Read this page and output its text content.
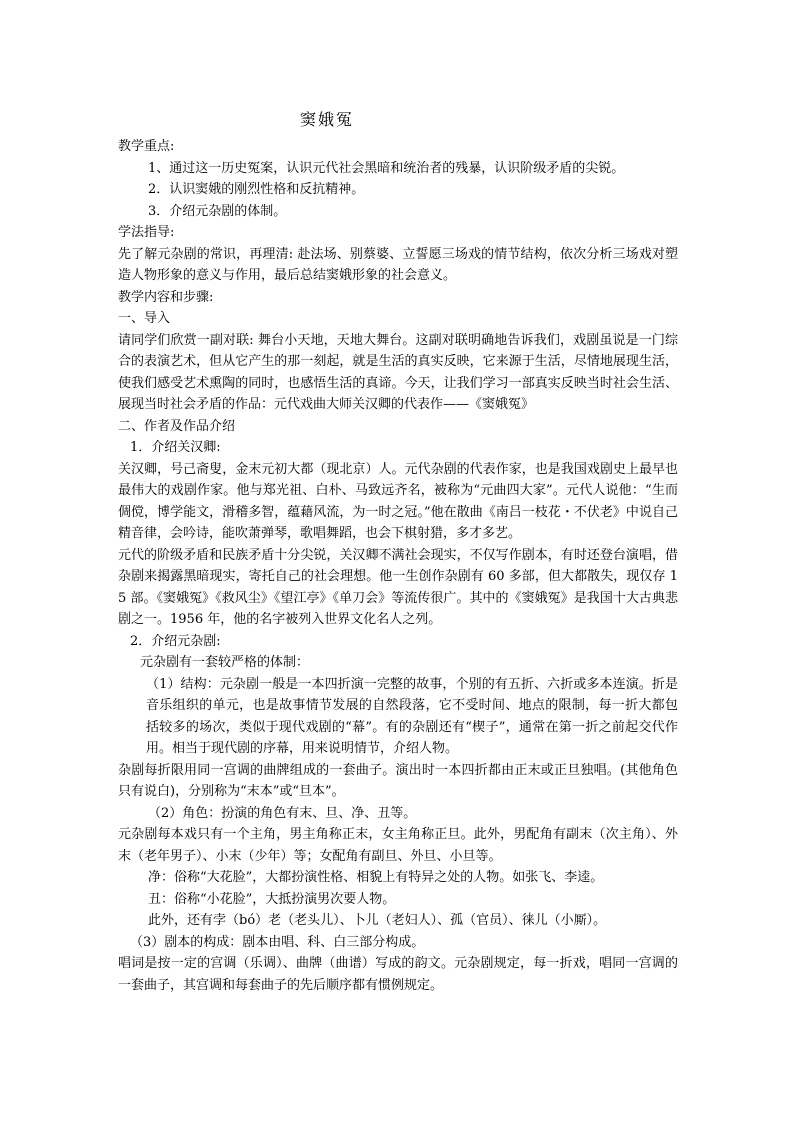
窦娥冤

教学重点:

1、通过这一历史冤案，认识元代社会黑暗和统治者的残暴，认识阶级矛盾的尖锐。

2．认识窦娥的刚烈性格和反抗精神。

3．介绍元杂剧的体制。

学法指导:

先了解元杂剧的常识，再理清: 赴法场、别蔡婆、立誓愿三场戏的情节结构，依次分析三场戏对塑造人物形象的意义与作用，最后总结窦娥形象的社会意义。

教学内容和步骤:

一、导入

请同学们欣赏一副对联: 舞台小天地，天地大舞台。这副对联明确地告诉我们，戏剧虽说是一门综合的表演艺术，但从它产生的那一刻起，就是生活的真实反映，它来源于生活，尽情地展现生活，使我们感受艺术熏陶的同时，也感悟生活的真谛。今天，让我们学习一部真实反映当时社会生活、展现当时社会矛盾的作品：元代戏曲大师关汉卿的代表作——《窦娥冤》

二、作者及作品介绍

1．介绍关汉卿:

关汉卿，号己斋叟，金末元初大都（现北京）人。元代杂剧的代表作家，也是我国戏剧史上最早也最伟大的戏剧作家。他与郑光祖、白朴、马致远齐名，被称为“元曲四大家”。元代人说他：“生而倜傥，博学能文，滑稽多智，蕴藉风流，为一时之冠。”他在散曲《南吕一枝花・不伏老》中说自己精音律，会吟诗，能吹萧弹琴，歌唱舞蹈，也会下棋射猎，多才多艺。

元代的阶级矛盾和民族矛盾十分尖锐，关汉卿不满社会现实，不仅写作剧本，有时还登台演唱，借杂剧来揭露黑暗现实，寄托自己的社会理想。他一生创作杂剧有 60 多部，但大都散失，现仅存 15 部。《窦娥冤》《救风尘》《望江亭》《单刀会》等流传很广。其中的《窦娥冤》是我国十大古典悲剧之一。1956 年，他的名字被列入世界文化名人之列。

2．介绍元杂剧:

元杂剧有一套较严格的体制：

（1）结构：元杂剧一般是一本四折演一完整的故事，个别的有五折、六折或多本连演。折是音乐组织的单元，也是故事情节发展的自然段落，它不受时间、地点的限制，每一折大都包括较多的场次，类似于现代戏剧的“幕”。有的杂剧还有“楔子”，通常在第一折之前起交代作用。相当于现代剧的序幕，用来说明情节，介绍人物。

杂剧每折限用同一宫调的曲牌组成的一套曲子。演出时一本四折都由正末或正旦独唱。(其他角色只有说白)，分别称为“末本”或“旦本”。

（2）角色：扮演的角色有末、旦、净、丑等。

元杂剧每本戏只有一个主角，男主角称正末，女主角称正旦。此外，男配角有副末（次主角）、外末（老年男子）、小末（少年）等；女配角有副旦、外旦、小旦等。

净：俗称“大花脸”，大都扮演性格、相貌上有特异之处的人物。如张飞、李逵。

丑：俗称“小花脸”，大抵扮演男次要人物。

此外，还有孛（bó）老（老头儿）、卜儿（老妇人）、孤（官员）、徕儿（小厮）。

（3）剧本的构成：剧本由唱、科、白三部分构成。

唱词是按一定的宫调（乐调）、曲牌（曲谱）写成的韵文。元杂剧规定，每一折戏，唱同一宫调的一套曲子，其宫调和每套曲子的先后顺序都有惯例规定。
